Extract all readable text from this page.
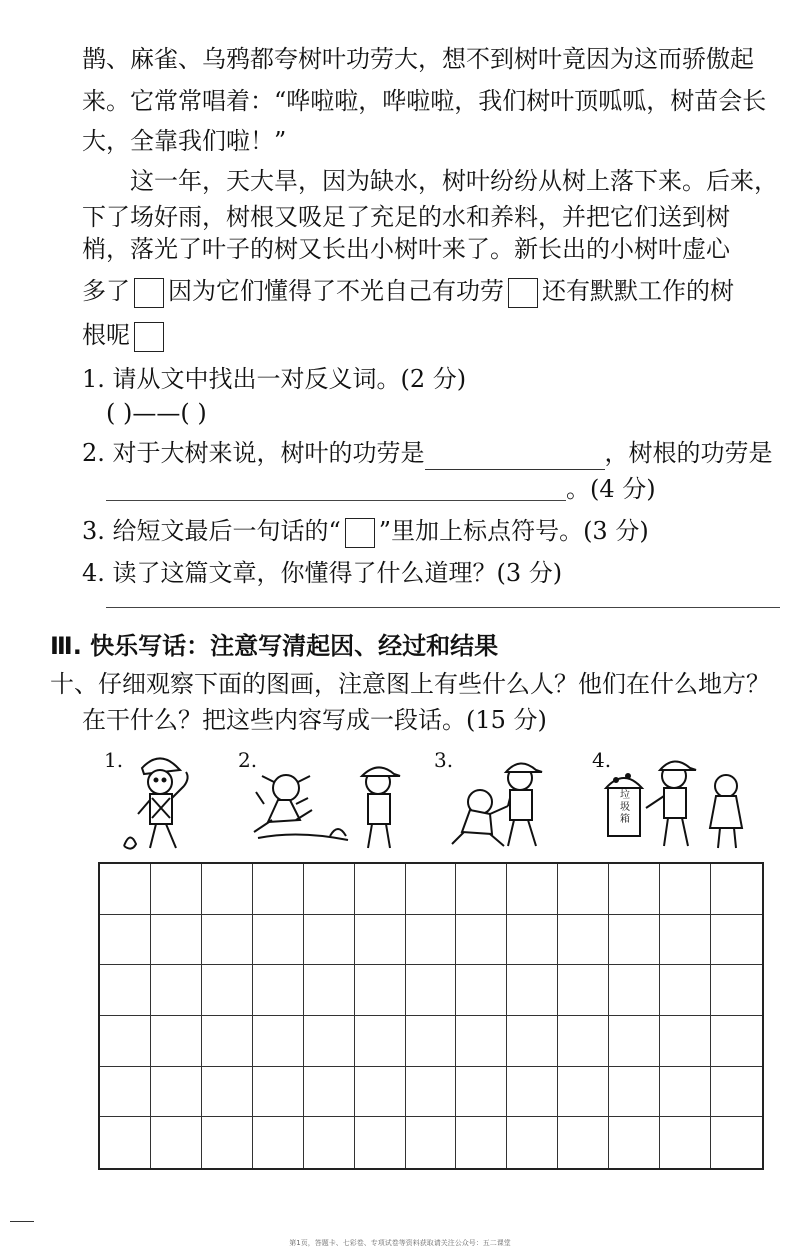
鹊、麻雀、乌鸦都夸树叶功劳大，想不到树叶竟因为这而骄傲起
来。它常常唱着：“哗啦啦，哗啦啦，我们树叶顶呱呱，树苗会长
大，全靠我们啦！”
这一年，天大旱，因为缺水，树叶纷纷从树上落下来。后来，
下了场好雨，树根又吸足了充足的水和养料，并把它们送到树
梢，落光了叶子的树又长出小树叶来了。新长出的小树叶虚心
多了 因为它们懂得了不光自己有功劳 还有默默工作的树
根呢
1. 请从文中找出一对反义词。(2 分)
( )——( )
2. 对于大树来说，树叶的功劳是	，树根的功劳是
。(4 分)
3. 给短文最后一句话的“ ”里加上标点符号。(3 分)
4. 读了这篇文章，你懂得了什么道理？(3 分)
Ⅲ. 快乐写话：注意写清起因、经过和结果
十、仔细观察下面的图画，注意图上有些什么人？他们在什么地方？
在干什么？把这些内容写成一段话。(15 分)
1.	2.	3.	4.
垃圾箱
第1页，答题卡、七彩卷、专项试卷等资料获取请关注公众号：五二课堂
